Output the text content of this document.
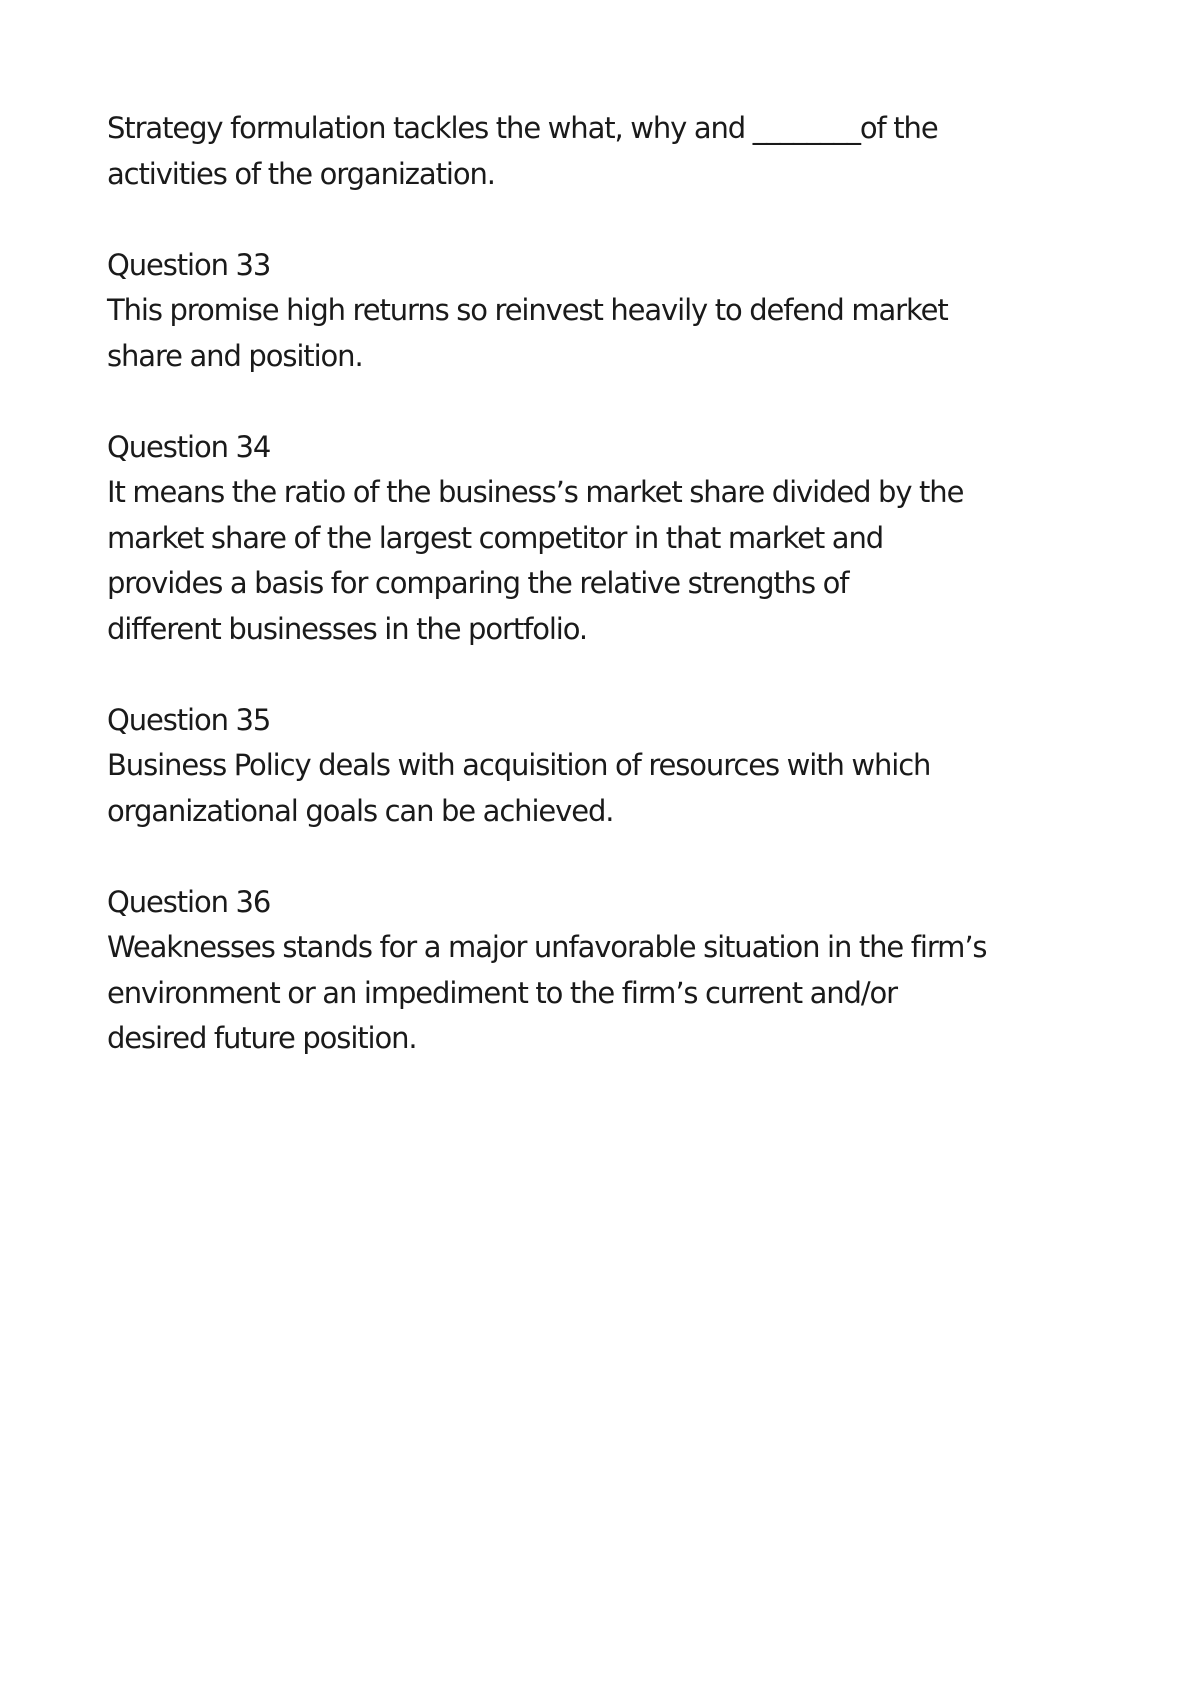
Strategy formulation tackles the what, why and ________of the
activities of the organization.
Question 33
This promise high returns so reinvest heavily to defend market
share and position.
Question 34
It means the ratio of the business’s market share divided by the
market share of the largest competitor in that market and
provides a basis for comparing the relative strengths of
different businesses in the portfolio.
Question 35
Business Policy deals with acquisition of resources with which
organizational goals can be achieved.
Question 36
Weaknesses stands for a major unfavorable situation in the firm’s
environment or an impediment to the firm’s current and/or
desired future position.
